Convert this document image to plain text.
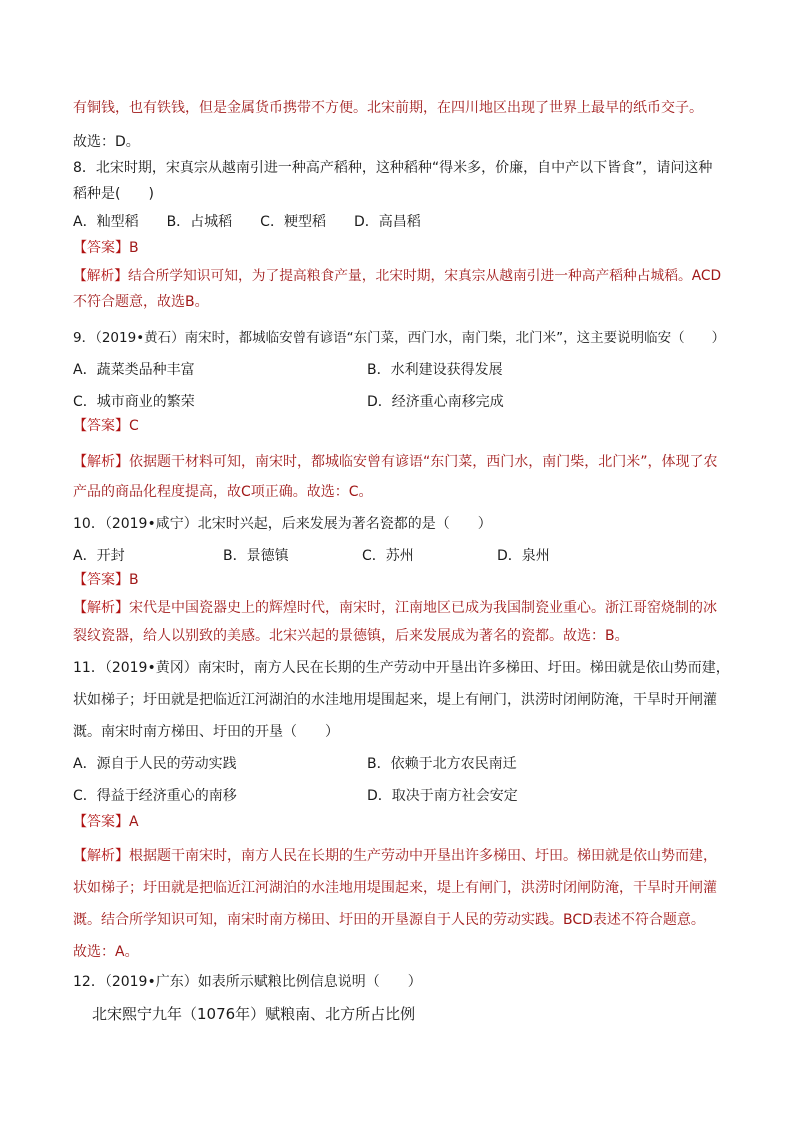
有铜钱，也有铁钱，但是金属货币携带不方便。北宋前期，在四川地区出现了世界上最早的纸币交子。
故选：D。
8．北宋时期，宋真宗从越南引进一种高产稻种，这种稻种“得米多，价廉，自中产以下皆食”，请问这种
稻种是(　　)
A．籼型稻　　B．占城稻　　C．粳型稻　　D．高昌稻
【答案】B
【解析】结合所学知识可知，为了提高粮食产量，北宋时期，宋真宗从越南引进一种高产稻种占城稻。ACD
不符合题意，故选B。
9．（2019•黄石）南宋时，都城临安曾有谚语“东门菜，西门水，南门柴，北门米”，这主要说明临安（　　）
A．蔬菜类品种丰富	B．水利建设获得发展
C．城市商业的繁荣	D．经济重心南移完成
【答案】C
【解析】依据题干材料可知，南宋时，都城临安曾有谚语“东门菜，西门水，南门柴，北门米”，体现了农
产品的商品化程度提高，故C项正确。故选：C。
10．（2019•咸宁）北宋时兴起，后来发展为著名瓷都的是（　　）
A．开封	B．景德镇	C．苏州	D．泉州
【答案】B
【解析】宋代是中国瓷器史上的辉煌时代，南宋时，江南地区已成为我国制瓷业重心。浙江哥窑烧制的冰
裂纹瓷器，给人以别致的美感。北宋兴起的景德镇，后来发展成为著名的瓷都。故选：B。
11．（2019•黄冈）南宋时，南方人民在长期的生产劳动中开垦出许多梯田、圩田。梯田就是依山势而建，
状如梯子；圩田就是把临近江河湖泊的水洼地用堤围起来，堤上有闸门，洪涝时闭闸防淹，干旱时开闸灌
溉。南宋时南方梯田、圩田的开垦（　　）
A．源自于人民的劳动实践	B．依赖于北方农民南迁
C．得益于经济重心的南移	D．取决于南方社会安定
【答案】A
【解析】根据题干南宋时，南方人民在长期的生产劳动中开垦出许多梯田、圩田。梯田就是依山势而建，
状如梯子；圩田就是把临近江河湖泊的水洼地用堤围起来，堤上有闸门，洪涝时闭闸防淹，干旱时开闸灌
溉。结合所学知识可知，南宋时南方梯田、圩田的开垦源自于人民的劳动实践。BCD表述不符合题意。
故选：A。
12．（2019•广东）如表所示赋粮比例信息说明（　　）
北宋熙宁九年（1076年）赋粮南、北方所占比例
